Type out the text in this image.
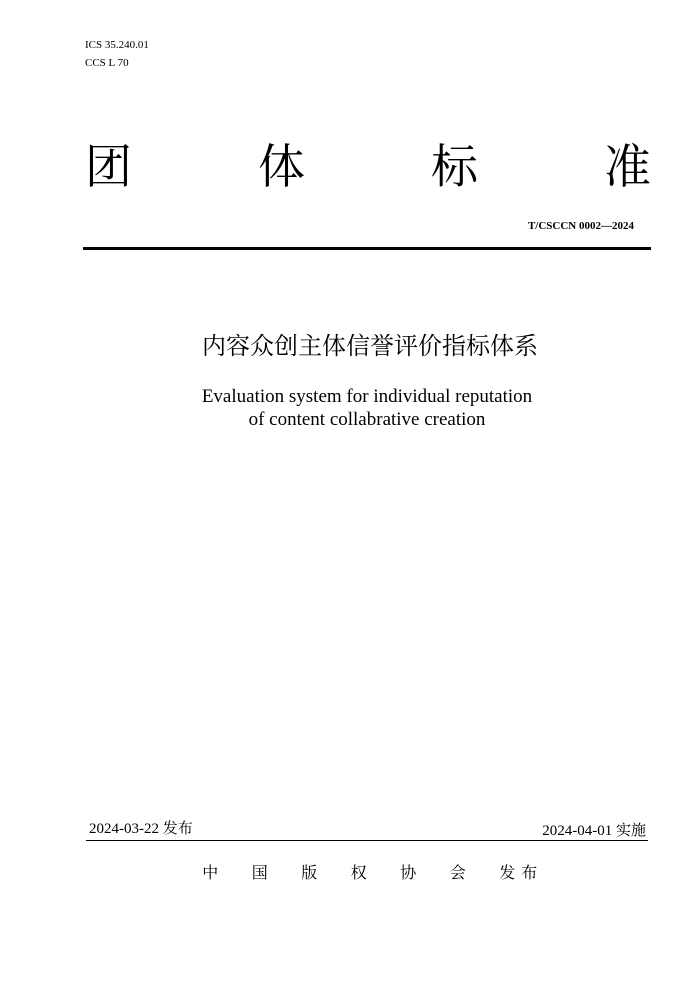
ICS 35.240.01
CCS L 70
团	体	标	准
T/CSCCN 0002—2024
内容众创主体信誉评价指标体系
Evaluation system for individual reputation
of content collabrative creation
2024-03-22 发布	2024-04-01 实施
中　　国　　版　　权　　协　　会　　发 布
